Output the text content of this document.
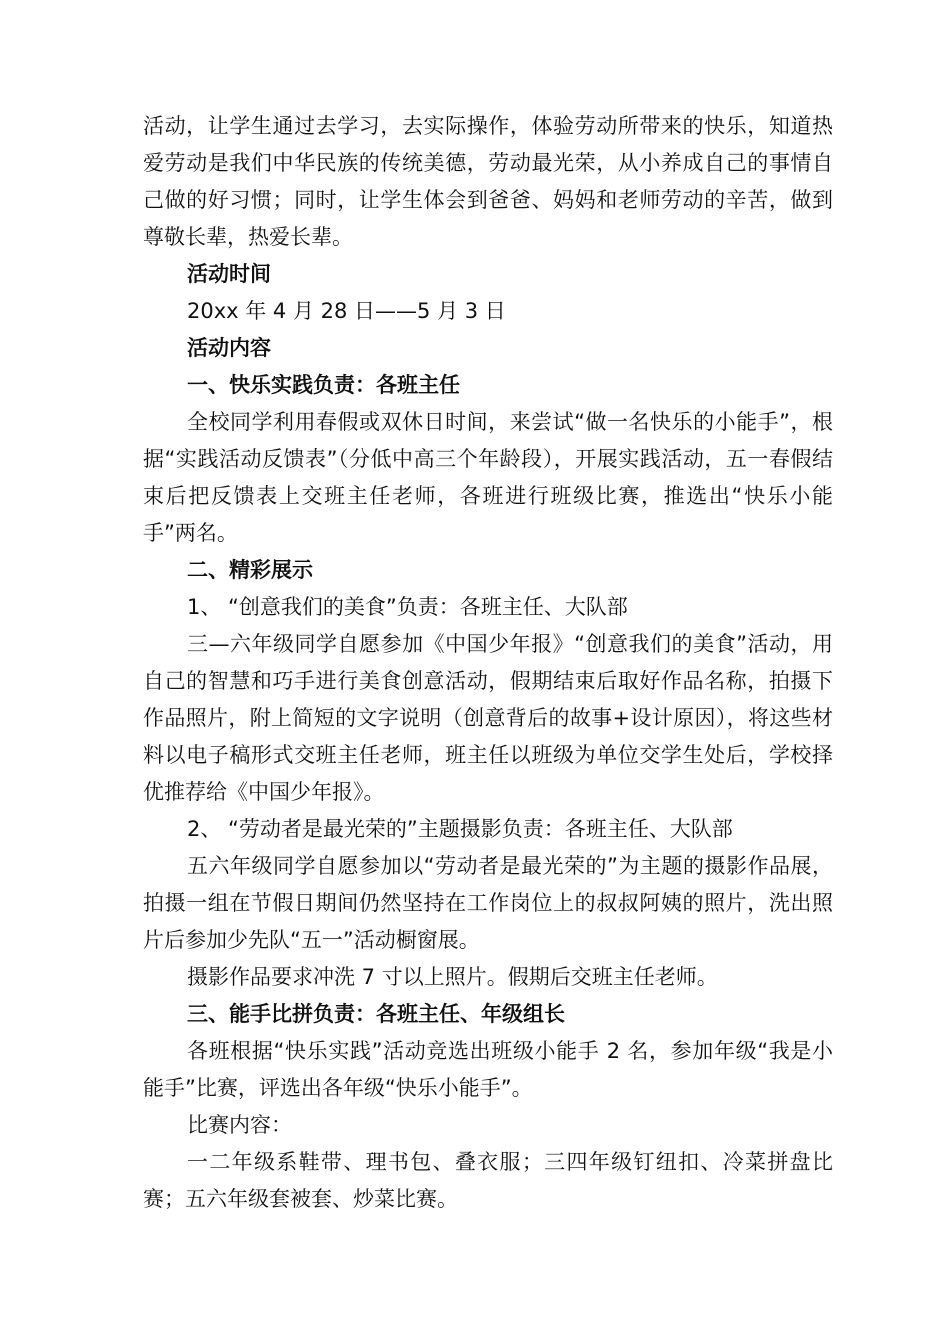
活动，让学生通过去学习，去实际操作，体验劳动所带来的快乐，知道热爱劳动是我们中华民族的传统美德，劳动最光荣，从小养成自己的事情自己做的好习惯；同时，让学生体会到爸爸、妈妈和老师劳动的辛苦，做到尊敬长辈，热爱长辈。

活动时间

20xx 年 4 月 28 日——5 月 3 日

活动内容

一、快乐实践负责：各班主任

全校同学利用春假或双休日时间，来尝试“做一名快乐的小能手”，根据“实践活动反馈表”（分低中高三个年龄段），开展实践活动，五一春假结束后把反馈表上交班主任老师，各班进行班级比赛，推选出“快乐小能手”两名。

二、精彩展示

1、 “创意我们的美食”负责：各班主任、大队部

三—六年级同学自愿参加《中国少年报》“创意我们的美食”活动，用自己的智慧和巧手进行美食创意活动，假期结束后取好作品名称，拍摄下作品照片，附上简短的文字说明（创意背后的故事+设计原因），将这些材料以电子稿形式交班主任老师，班主任以班级为单位交学生处后，学校择优推荐给《中国少年报》。

2、 “劳动者是最光荣的”主题摄影负责：各班主任、大队部

五六年级同学自愿参加以“劳动者是最光荣的”为主题的摄影作品展，拍摄一组在节假日期间仍然坚持在工作岗位上的叔叔阿姨的照片，洗出照片后参加少先队“五一”活动橱窗展。

摄影作品要求冲洗 7 寸以上照片。假期后交班主任老师。

三、能手比拼负责：各班主任、年级组长

各班根据“快乐实践”活动竞选出班级小能手 2 名，参加年级“我是小能手”比赛，评选出各年级“快乐小能手”。

比赛内容：

一二年级系鞋带、理书包、叠衣服；三四年级钉纽扣、冷菜拼盘比赛；五六年级套被套、炒菜比赛。
